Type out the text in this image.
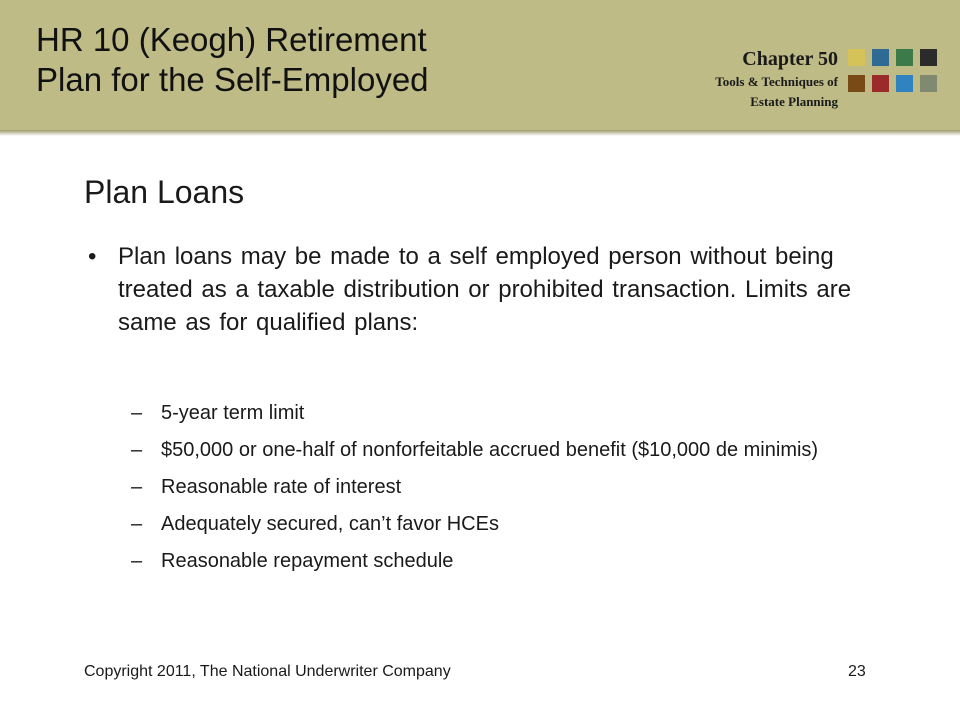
HR 10 (Keogh) Retirement
Plan for the Self-Employed
Chapter 50
Tools & Techniques of
Estate Planning
Plan Loans
• Plan loans may be made to a self employed person without being treated as a taxable distribution or prohibited transaction. Limits are same as for qualified plans:
– 5-year term limit
– $50,000 or one-half of nonforfeitable accrued benefit ($10,000 de minimis)
– Reasonable rate of interest
– Adequately secured, can’t favor HCEs
– Reasonable repayment schedule
Copyright 2011, The National Underwriter Company	23
